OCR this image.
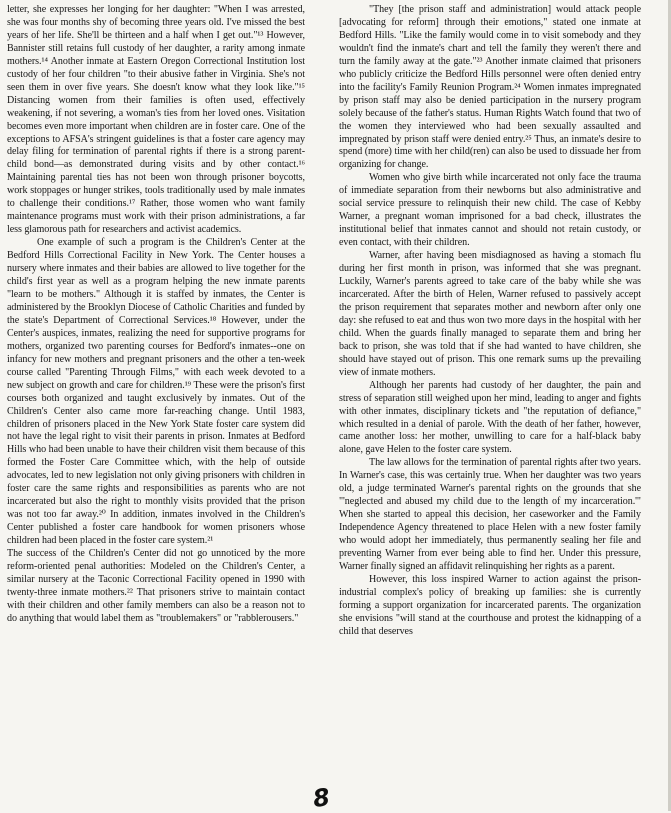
letter, she expresses her longing for her daughter: "When I was arrested, she was four months shy of becoming three years old. I've missed the best years of her life. She'll be thirteen and a half when I get out."¹³ However, Bannister still retains full custody of her daughter, a rarity among inmate mothers.¹⁴ Another inmate at Eastern Oregon Correctional Institution lost custody of her four children "to their abusive father in Virginia. She's not seen them in over five years. She doesn't know what they look like."¹⁵ Distancing women from their families is often used, effectively weakening, if not severing, a woman's ties from her loved ones. Visitation becomes even more important when children are in foster care. One of the exceptions to AFSA's stringent guidelines is that a foster care agency may delay filing for termination of parental rights if there is a strong parent-child bond—as demonstrated during visits and by other contact.¹⁶ Maintaining parental ties has not been won through prisoner boycotts, work stoppages or hunger strikes, tools traditionally used by male inmates to challenge their conditions.¹⁷ Rather, those women who want family maintenance programs must work with their prison administrations, a far less glamorous path for researchers and activist academics.

One example of such a program is the Children's Center at the Bedford Hills Correctional Facility in New York. The Center houses a nursery where inmates and their babies are allowed to live together for the child's first year as well as a program helping the new inmate parents "learn to be mothers." Although it is staffed by inmates, the Center is administered by the Brooklyn Diocese of Catholic Charities and funded by the state's Department of Correctional Services.¹⁸ However, under the Center's auspices, inmates, realizing the need for supportive programs for mothers, organized two parenting courses for Bedford's inmates--one on infancy for new mothers and pregnant prisoners and the other a ten-week course called "Parenting Through Films," with each week devoted to a new subject on growth and care for children.¹⁹ These were the prison's first courses both organized and taught exclusively by inmates. Out of the Children's Center also came more far-reaching change. Until 1983, children of prisoners placed in the New York State foster care system did not have the legal right to visit their parents in prison. Inmates at Bedford Hills who had been unable to have their children visit them because of this formed the Foster Care Committee which, with the help of outside advocates, led to new legislation not only giving prisoners with children in foster care the same rights and responsibilities as parents who are not incarcerated but also the right to monthly visits provided that the prison was not too far away.²⁰ In addition, inmates involved in the Children's Center published a foster care handbook for women prisoners whose children had been placed in the foster care system.²¹

The success of the Children's Center did not go unnoticed by the more reform-oriented penal authorities: Modeled on the Children's Center, a similar nursery at the Taconic Correctional Facility opened in 1990 with twenty-three inmate mothers.²² That prisoners strive to maintain contact with their children and other family members can also be a reason not to do anything that would label them as "troublemakers" or "rabblerousers."

"They [the prison staff and administration] would attack people [advocating for reform] through their emotions," stated one inmate at Bedford Hills. "Like the family would come in to visit somebody and they wouldn't find the inmate's chart and tell the family they weren't there and turn the family away at the gate."²³ Another inmate claimed that prisoners who publicly criticize the Bedford Hills personnel were often denied entry into the facility's Family Reunion Program.²⁴ Women inmates impregnated by prison staff may also be denied participation in the nursery program solely because of the father's status. Human Rights Watch found that two of the women they interviewed who had been sexually assaulted and impregnated by prison staff were denied entry.²⁵ Thus, an inmate's desire to spend (more) time with her child(ren) can also be used to dissuade her from organizing for change.

Women who give birth while incarcerated not only face the trauma of immediate separation from their newborns but also administrative and social service pressure to relinquish their new child. The case of Kebby Warner, a pregnant woman imprisoned for a bad check, illustrates the institutional belief that inmates cannot and should not retain custody, or even contact, with their children.

Warner, after having been misdiagnosed as having a stomach flu during her first month in prison, was informed that she was pregnant. Luckily, Warner's parents agreed to take care of the baby while she was incarcerated. After the birth of Helen, Warner refused to passively accept the prison requirement that separates mother and newborn after only one day: she refused to eat and thus won two more days in the hospital with her child. When the guards finally managed to separate them and bring her back to prison, she was told that if she had wanted to have children, she should have stayed out of prison. This one remark sums up the prevailing view of inmate mothers.

Although her parents had custody of her daughter, the pain and stress of separation still weighed upon her mind, leading to anger and fights with other inmates, disciplinary tickets and "the reputation of defiance," which resulted in a denial of parole. With the death of her father, however, came another loss: her mother, unwilling to care for a half-black baby alone, gave Helen to the foster care system.

The law allows for the termination of parental rights after two years. In Warner's case, this was certainly true. When her daughter was two years old, a judge terminated Warner's parental rights on the grounds that she "'neglected and abused my child due to the length of my incarceration.'" When she started to appeal this decision, her caseworker and the Family Independence Agency threatened to place Helen with a new foster family who would adopt her immediately, thus permanently sealing her file and preventing Warner from ever being able to find her. Under this pressure, Warner finally signed an affidavit relinquishing her rights as a parent.

However, this loss inspired Warner to action against the prison-industrial complex's policy of breaking up families: she is currently forming a support organization for incarcerated parents. The organization she envisions "will stand at the courthouse and protest the kidnapping of a child that deserves

8
